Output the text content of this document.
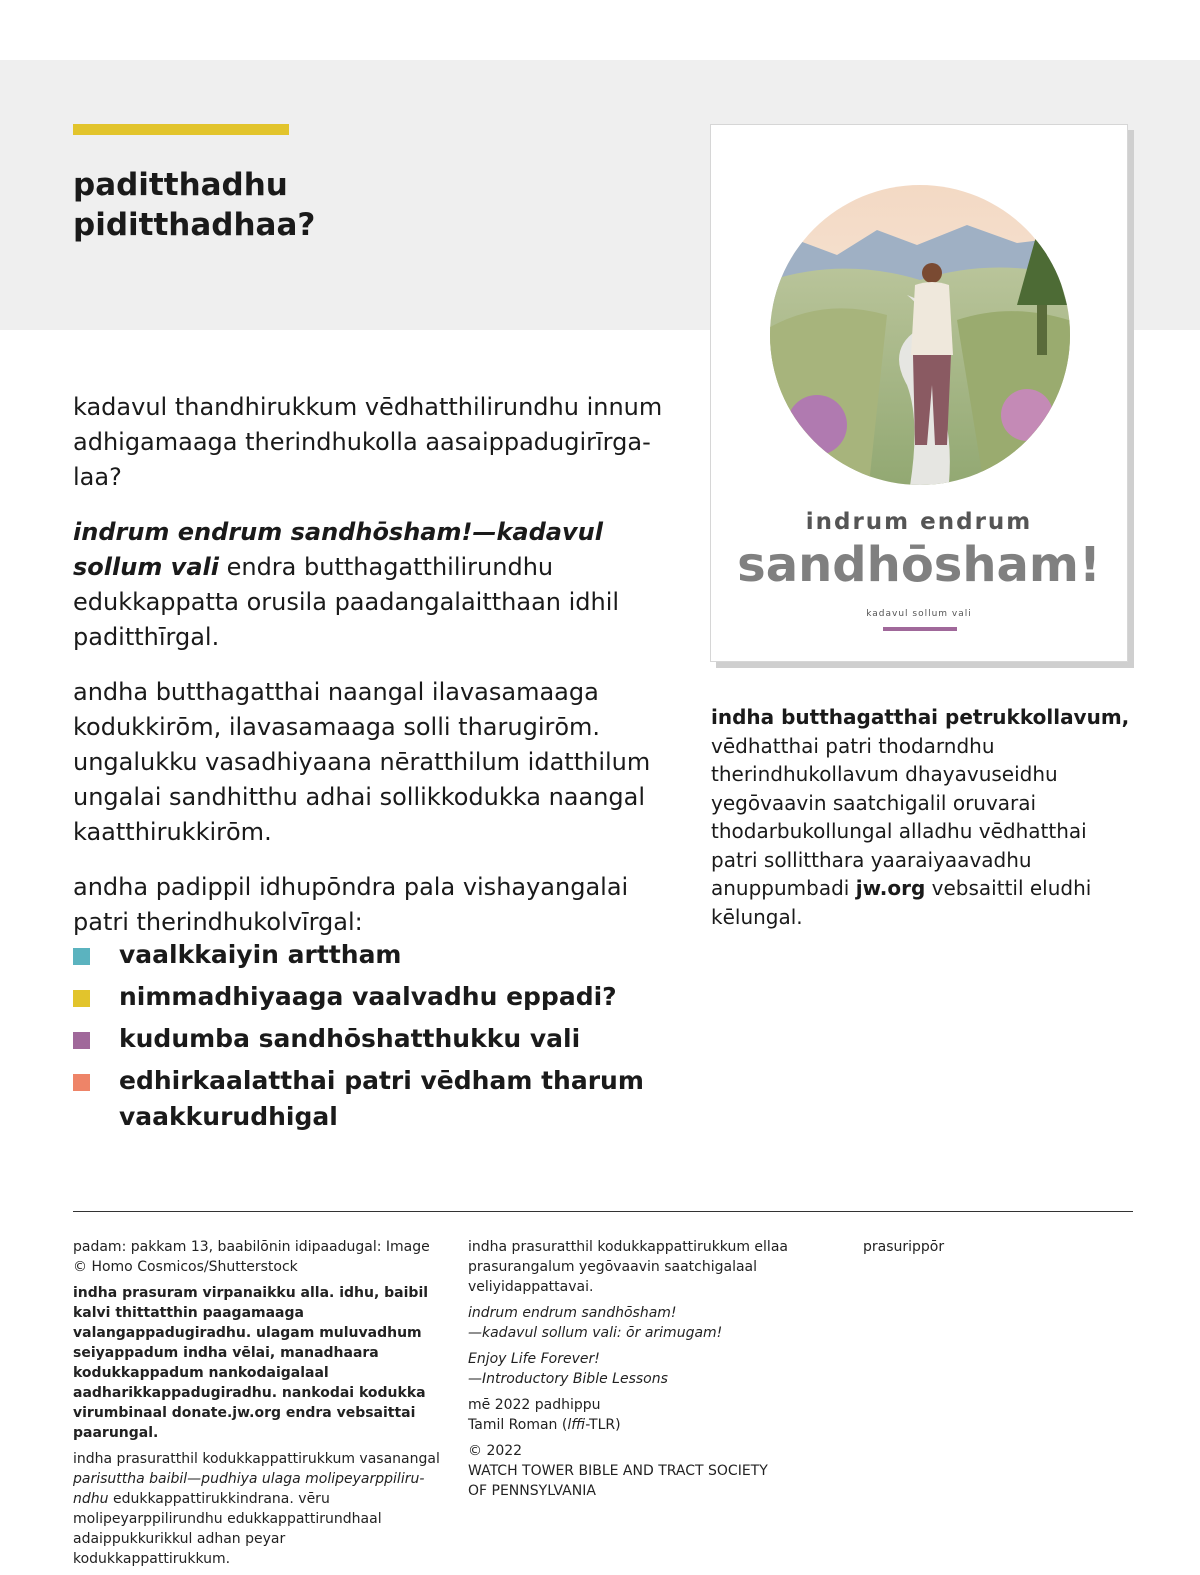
paditthadhu
piditthadhaa?

kadavul thandhirukkum vēdhatthilirundhu innum adhigamaaga therindhukolla aasaippadugirīrgalaa?

indrum endrum sandhōsham!—kadavul sollum vali endra butthagatthilirundhu edukkappatta orusila paadangalaitthaan idhil paditthīrgal.

andha butthagatthai naangal ilavasamaaga kodukkirōm, ilavasamaaga solli tharugirōm. ungalukku vasadhiyaana nēratthilum idatthilum ungalai sandhitthu adhai sollikkodukka naangal kaatthirukkirōm.

andha padippil idhupōndra pala vishayangalai patri therindhukolvīrgal:

vaalkkaiyin arttham
nimmadhiyaaga vaalvadhu eppadi?
kudumba sandhōshatthukku vali
edhirkaalatthai patri vēdham tharum vaakkurudhigal
indrum endrum
sandhōsham!
kadavul sollum vali

indha butthagatthai petrukkollavum, vēdhatthai patri thodarndhu therindhukollavum dhayavuseidhu yegōvaavin saatchigalil oruvarai thodarbukollungal alladhu vēdhatthai patri sollitthara yaaraiyaavadhu anuppumbadi jw.org vebsaittil eludhi kēlungal.

padam: pakkam 13, baabilōnin idipaadugal: Image © Homo Cosmicos/Shutterstock

indha prasuram virpanaikku alla. idhu, baibil kalvi thittatthin paagamaaga valangappadugiradhu. ulagam muluvadhum seiyappadum indha vēlai, manadhaara kodukkappadum nankodaigalaal aadharikkappadugiradhu. nankodai kodukka virumbinaal donate.jw.org endra vebsaittai paarungal.

indha prasuratthil kodukkappattirukkum vasanangal parisuttha baibil—pudhiya ulaga molipeyarppilirundhu edukkappattirukkindrana. vēru molipeyarppilirundhu edukkappattirundhaal adaippukkurikkul adhan peyar kodukkappattirukkum.

indha prasuratthil kodukkappattirukkum ellaa prasurangalum yegōvaavin saatchigalaal veliyidappattavai.

indrum endrum sandhōsham!
—kadavul sollum vali: ōr arimugam!

Enjoy Life Forever!
—Introductory Bible Lessons

mē 2022 padhippu
Tamil Roman (lffi-TLR)

© 2022
WATCH TOWER BIBLE AND TRACT SOCIETY
OF PENNSYLVANIA

prasurippōr
